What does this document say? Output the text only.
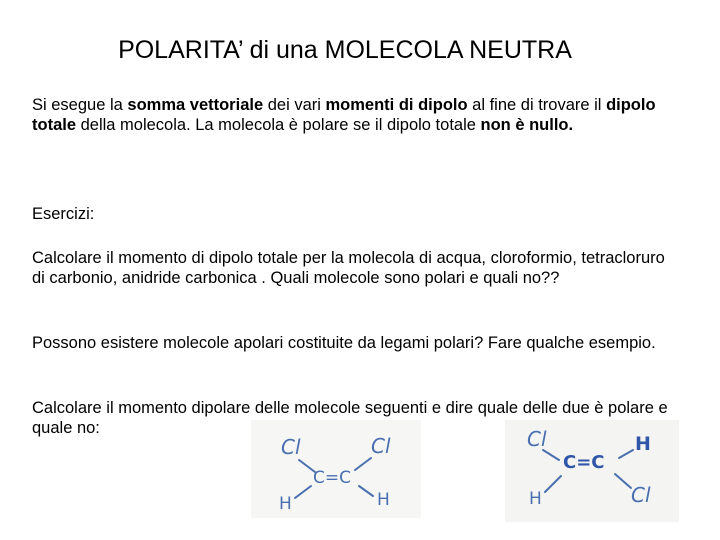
POLARITA’ di una MOLECOLA NEUTRA

Si esegue la somma vettoriale dei vari momenti di dipolo al fine di trovare il dipolo totale della molecola. La molecola è polare se il dipolo totale non è nullo.

Esercizi:

Calcolare il momento di dipolo totale per la molecola di acqua, cloroformio, tetracloruro di carbonio, anidride carbonica . Quali molecole sono polari e quali no??

Possono esistere molecole apolari costituite da legami polari? Fare qualche esempio.

Calcolare il momento dipolare delle molecole seguenti e dire quale delle due è polare e quale no:

Cl	Cl
C=C
H	H
Cl	H
C=C
H	Cl
